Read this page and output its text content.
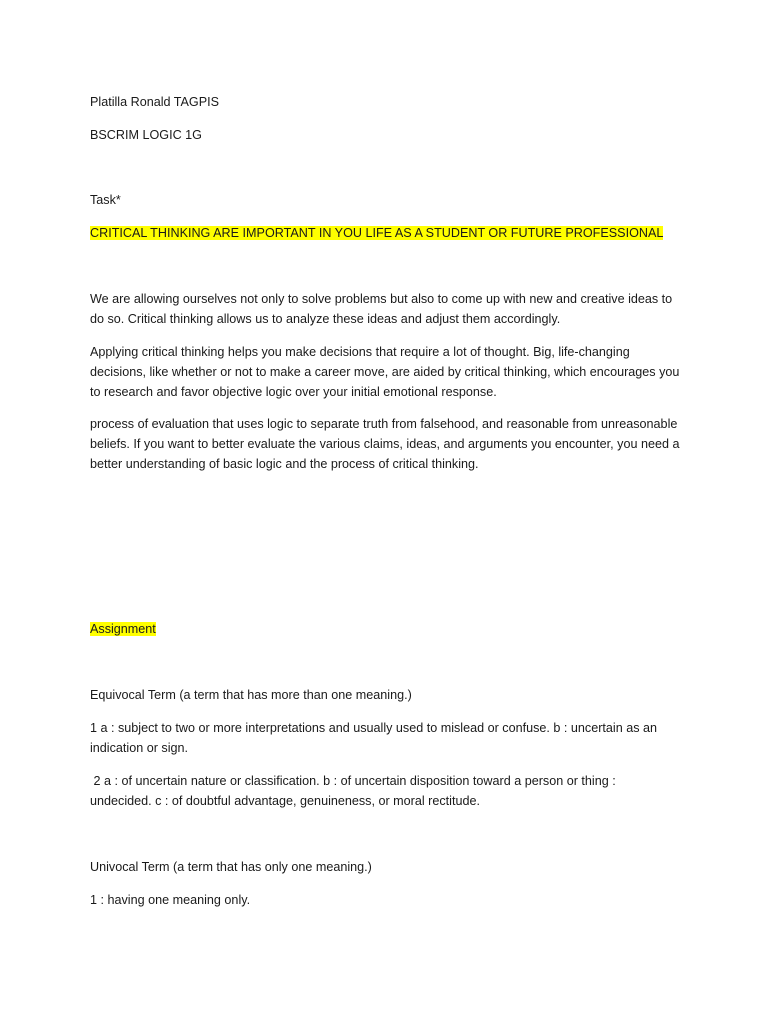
Platilla Ronald TAGPIS

BSCRIM LOGIC 1G

Task*

CRITICAL THINKING ARE IMPORTANT IN YOU LIFE AS A STUDENT OR FUTURE PROFESSIONAL

We are allowing ourselves not only to solve problems but also to come up with new and creative ideas to do so. Critical thinking allows us to analyze these ideas and adjust them accordingly.

Applying critical thinking helps you make decisions that require a lot of thought. Big, life-changing decisions, like whether or not to make a career move, are aided by critical thinking, which encourages you to research and favor objective logic over your initial emotional response.

process of evaluation that uses logic to separate truth from falsehood, and reasonable from unreasonable beliefs. If you want to better evaluate the various claims, ideas, and arguments you encounter, you need a better understanding of basic logic and the process of critical thinking.

Assignment

Equivocal Term (a term that has more than one meaning.)

1 a : subject to two or more interpretations and usually used to mislead or confuse. b : uncertain as an indication or sign.

2 a : of uncertain nature or classification. b : of uncertain disposition toward a person or thing : undecided. c : of doubtful advantage, genuineness, or moral rectitude.

Univocal Term (a term that has only one meaning.)

1 : having one meaning only.
